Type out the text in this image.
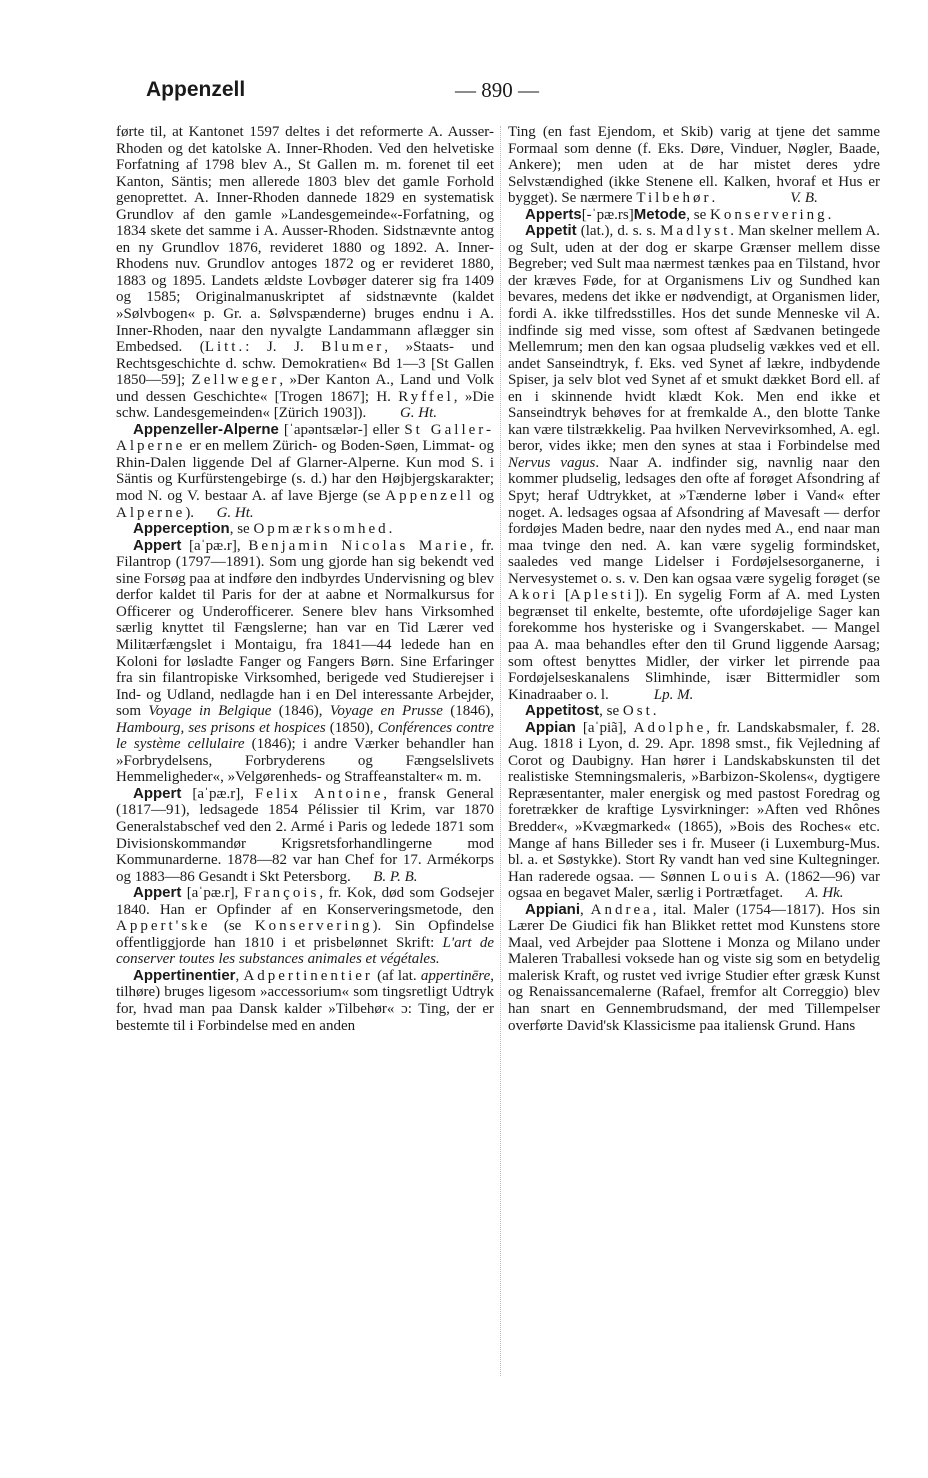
Appenzell	— 890 —

førte til, at Kantonet 1597 deltes i det reformerte A. Ausser-Rhoden og det katolske A. Inner-Rhoden. Ved den helvetiske Forfatning af 1798 blev A., St Gallen m. m. forenet til eet Kanton, Säntis; men allerede 1803 blev det gamle Forhold genoprettet. A. Inner-Rhoden dannede 1829 en systematisk Grundlov af den gamle »Landesgemeinde«-Forfatning, og 1834 skete det samme i A. Ausser-Rhoden. Sidstnævnte antog en ny Grundlov 1876, revideret 1880 og 1892. A. Inner-Rhodens nuv. Grundlov antoges 1872 og er revideret 1880, 1883 og 1895. Landets ældste Lovbøger daterer sig fra 1409 og 1585; Originalmanuskriptet af sidstnævnte (kaldet »Sølvbogen« p. Gr. a. Sølvspænderne) bruges endnu i A. Inner-Rhoden, naar den nyvalgte Landammann aflægger sin Embedsed. (Litt.: J. J. Blumer, »Staats- und Rechtsgeschichte d. schw. Demokratien« Bd 1—3 [St Gallen 1850—59]; Zellweger, »Der Kanton A., Land und Volk und dessen Geschichte« [Trogen 1867]; H. Ryffel, »Die schw. Landesgemeinden« [Zürich 1903]). G. Ht.

Appenzeller-Alperne [ˈapəntsælər-] eller St Galler-Alperne er en mellem Zürich- og Boden-Søen, Limmat- og Rhin-Dalen liggende Del af Glarner-Alperne. Kun mod S. i Säntis og Kurfürstengebirge (s. d.) har den Højbjergskarakter; mod N. og V. bestaar A. af lave Bjerge (se Appenzell og Alperne). G. Ht.

Apperception, se Opmærksomhed.

Appert [aˈpæ.r], Benjamin Nicolas Marie, fr. Filantrop (1797—1891). Som ung gjorde han sig bekendt ved sine Forsøg paa at indføre den indbyrdes Undervisning og blev derfor kaldet til Paris for der at aabne et Normalkursus for Officerer og Underofficerer. Senere blev hans Virksomhed særlig knyttet til Fængslerne; han var en Tid Lærer ved Militærfængslet i Montaigu, fra 1841—44 ledede han en Koloni for løsladte Fanger og Fangers Børn. Sine Erfaringer fra sin filantropiske Virksomhed, berigede ved Studierejser i Ind- og Udland, nedlagde han i en Del interessante Arbejder, som Voyage in Belgique (1846), Voyage en Prusse (1846), Hambourg, ses prisons et hospices (1850), Conférences contre le système cellulaire (1846); i andre Værker behandler han »Forbrydelsens, Forbryderens og Fængselslivets Hemmeligheder«, »Velgørenheds- og Straffeanstalter« m. m.

Appert [aˈpæ.r], Felix Antoine, fransk General (1817—91), ledsagede 1854 Pélissier til Krim, var 1870 Generalstabschef ved den 2. Armé i Paris og ledede 1871 som Divisionskommandør Krigsretsforhandlingerne mod Kommunarderne. 1878—82 var han Chef for 17. Armékorps og 1883—86 Gesandt i Skt Petersborg. B. P. B.

Appert [aˈpæ.r], François, fr. Kok, død som Godsejer 1840. Han er Opfinder af en Konserveringsmetode, den Appert'ske (se Konservering). Sin Opfindelse offentliggjorde han 1810 i et prisbelønnet Skrift: L'art de conserver toutes les substances animales et végétales.

Appertinentier, Adpertinentier (af lat. appertinēre, tilhøre) bruges ligesom »accessorium« som tingsretligt Udtryk for, hvad man paa Dansk kalder »Tilbehør« ɔ: Ting, der er bestemte til i Forbindelse med en anden

Ting (en fast Ejendom, et Skib) varig at tjene det samme Formaal som denne (f. Eks. Døre, Vinduer, Nøgler, Baade, Ankere); men uden at de har mistet deres ydre Selvstændighed (ikke Stenene ell. Kalken, hvoraf et Hus er bygget). Se nærmere Tilbehør.	V. B.

Apperts[-ˈpæ.rs]Metode, se Konservering.

Appetit (lat.), d. s. s. Madlyst. Man skelner mellem A. og Sult, uden at der dog er skarpe Grænser mellem disse Begreber; ved Sult maa nærmest tænkes paa en Tilstand, hvor der kræves Føde, for at Organismens Liv og Sundhed kan bevares, medens det ikke er nødvendigt, at Organismen lider, fordi A. ikke tilfredsstilles. Hos det sunde Menneske vil A. indfinde sig med visse, som oftest af Sædvanen betingede Mellemrum; men den kan ogsaa pludselig vækkes ved et ell. andet Sanseindtryk, f. Eks. ved Synet af lækre, indbydende Spiser, ja selv blot ved Synet af et smukt dækket Bord ell. af en i skinnende hvidt klædt Kok. Men end ikke et Sanseindtryk behøves for at fremkalde A., den blotte Tanke kan være tilstrækkelig. Paa hvilken Nervevirksomhed, A. egl. beror, vides ikke; men den synes at staa i Forbindelse med Nervus vagus. Naar A. indfinder sig, navnlig naar den kommer pludselig, ledsages den ofte af forøget Afsondring af Spyt; heraf Udtrykket, at »Tænderne løber i Vand« efter noget. A. ledsages ogsaa af Afsondring af Mavesaft — derfor fordøjes Maden bedre, naar den nydes med A., end naar man maa tvinge den ned. A. kan være sygelig formindsket, saaledes ved mange Lidelser i Fordøjelsesorganerne, i Nervesystemet o. s. v. Den kan ogsaa være sygelig forøget (se Akori [Aplesti]). En sygelig Form af A. med Lysten begrænset til enkelte, bestemte, ofte ufordøjelige Sager kan forekomme hos hysteriske og i Svangerskabet. — Mangel paa A. maa behandles efter den til Grund liggende Aarsag; som oftest benyttes Midler, der virker let pirrende paa Fordøjelseskanalens Slimhinde, især Bittermidler som Kinadraaber o. l.	Lp. M.

Appetitost, se Ost.

Appian [aˈpiã], Adolphe, fr. Landskabsmaler, f. 28. Aug. 1818 i Lyon, d. 29. Apr. 1898 smst., fik Vejledning af Corot og Daubigny. Han hører i Landskabskunsten til det realistiske Stemningsmaleris, »Barbizon-Skolens«, dygtigere Repræsentanter, maler energisk og med pastost Foredrag og foretrækker de kraftige Lysvirkninger: »Aften ved Rhônes Bredder«, »Kvægmarked« (1865), »Bois des Roches« etc. Mange af hans Billeder ses i fr. Museer (i Luxemburg-Mus. bl. a. et Søstykke). Stort Ry vandt han ved sine Kultegninger. Han raderede ogsaa. — Sønnen Louis A. (1862—96) var ogsaa en begavet Maler, særlig i Portrætfaget. A. Hk.

Appiani, Andrea, ital. Maler (1754—1817). Hos sin Lærer De Giudici fik han Blikket rettet mod Kunstens store Maal, ved Arbejder paa Slottene i Monza og Milano under Maleren Traballesi voksede han og viste sig som en betydelig malerisk Kraft, og rustet ved ivrige Studier efter græsk Kunst og Renaissancemalerne (Rafael, fremfor alt Correggio) blev han snart en Gennembrudsmand, der med Tillempelser overførte David'sk Klassicisme paa italiensk Grund. Hans
